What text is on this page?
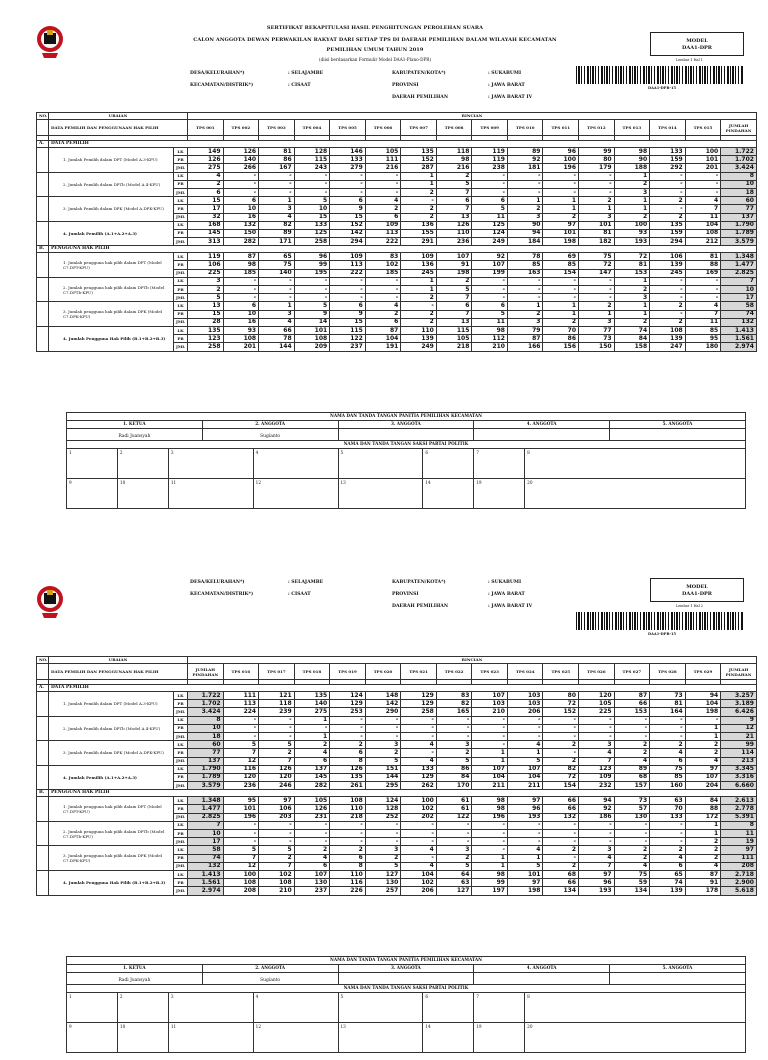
SERTIFIKAT REKAPITULASI HASIL PENGHITUNGAN PEROLEHAN SUARA
CALON ANGGOTA DEWAN PERWAKILAN RAKYAT DARI SETIAP TPS DI DAERAH PEMILIHAN DALAM WILAYAH KECAMATAN
PEMILIHAN UMUM TAHUN 2019
(diisi berdasarkan Formulir Model DAA1-Plano-DPR)
MODEL
DAA1-DPR
Lembar 1 Hal 1
DAA1-DPR-15
DESA/KELURAHAN*)	: SELAJAMBE
KECAMATAN/DISTRIK*)	: CISAAT
KABUPATEN/KOTA*)	: SUKABUMI
PROVINSI	: JAWA BARAT
DAERAH PEMILIHAN	: JAWA BARAT IV
NO.	URAIAN		RINCIAN															
	DATA PEMILIH DAN PENGGUNAAN HAK PILIH		TPS 001	TPS 002	TPS 003	TPS 004	TPS 005	TPS 006	TPS 007	TPS 008	TPS 009	TPS 010	TPS 011	TPS 012	TPS 013	TPS 014	TPS 015	JUMLAH PINDAHAN

A.	DATA PEMILIH																	
	1. Jumlah Pemilih dalam DPT (Model A.3-KPU)	LK	149	126	81	128	146	105	135	118	119	89	96	99	98	133	100	1.722
		PR	126	140	86	115	133	111	152	98	119	92	100	80	90	159	101	1.702
		JML	275	266	167	243	279	216	287	216	238	181	196	179	188	292	201	3.424
	2. Jumlah Pemilih dalam DPTb (Model A.4-KPU)	LK	4	-	-	-	-	-	1	2	-	-	-	-	1	-	-	8
		PR	2	-	-	-	-	-	1	5	-	-	-	-	2	-	-	10
		JML	6	-	-	-	-	-	2	7	-	-	-	-	3	-	-	18
	3. Jumlah Pemilih dalam DPK (Model A.DPK-KPU)	LK	15	6	1	5	6	4	-	6	6	1	1	2	1	2	4	60
		PR	17	10	3	10	9	2	2	7	5	2	1	1	1	-	7	77
		JML	32	16	4	15	15	6	2	13	11	3	2	3	2	2	11	137
	4. Jumlah Pemilih (A.1+A.2+A.3)	LK	168	132	82	133	152	109	136	126	125	90	97	101	100	135	104	1.790
		PR	145	150	89	125	142	113	155	110	124	94	101	81	93	159	108	1.789
		JML	313	282	171	258	294	222	291	236	249	184	198	182	193	294	212	3.579
B.	PENGGUNA HAK PILIH																	
	1. Jumlah pengguna hak pilih dalam DPT (Model C7.DPT-KPU)	LK	119	87	65	96	109	83	109	107	92	78	69	75	72	106	81	1.348
		PR	106	98	75	99	113	102	136	91	107	85	85	72	81	139	88	1.477
		JML	225	185	140	195	222	185	245	198	199	163	154	147	153	245	169	2.825
	2. Jumlah pengguna hak pilih dalam DPTb (Model C7.DPTb-KPU)	LK	3	-	-	-	-	-	1	2	-	-	-	-	1	-	-	7
		PR	2	-	-	-	-	-	1	5	-	-	-	-	2	-	-	10
		JML	5	-	-	-	-	-	2	7	-	-	-	-	3	-	-	17
	3. Jumlah pengguna hak pilih dalam DPK (Model C7.DPK-KPU)	LK	13	6	1	5	6	4	-	6	6	1	1	2	1	2	4	58
		PR	15	10	3	9	9	2	2	7	5	2	1	1	1	-	7	74
		JML	28	16	4	14	15	6	2	13	11	3	2	3	2	2	11	132
	4. Jumlah Pengguna Hak Pilih (B.1+B.2+B.3)	LK	135	93	66	101	115	87	110	115	98	79	70	77	74	108	85	1.413
		PR	123	108	78	108	122	104	139	105	112	87	86	73	84	139	95	1.561
		JML	258	201	144	209	237	191	249	218	210	166	156	150	158	247	180	2.974

NAMA DAN TANDA TANGAN PANITIA PEMILIHAN KECAMATAN																																							
1. KETUA								2. ANGGOTA								3. ANGGOTA								4. ANGGOTA								5. ANGGOTA							
Radi Juansyah								Sugianto																															
NAMA DAN TANDA TANGAN SAKSI PARTAI POLITIK																																							
1			2			3					4					5					6			7			8												
9			10			11					12					13					14			19			20												
MODEL
DAA1-DPR
Lembar 1 Hal 2
DAA1-DPR-15
DESA/KELURAHAN*)	: SELAJAMBE
KECAMATAN/DISTRIK*)	: CISAAT
KABUPATEN/KOTA*)	: SUKABUMI
PROVINSI	: JAWA BARAT
DAERAH PEMILIHAN	: JAWA BARAT IV
NO.	URAIAN		RINCIAN															
	DATA PEMILIH DAN PENGGUNAAN HAK PILIH		JUMLAH PINDAHAN	TPS 016	TPS 017	TPS 018	TPS 019	TPS 020	TPS 021	TPS 022	TPS 023	TPS 024	TPS 025	TPS 026	TPS 027	TPS 028	TPS 029	JUMLAH PINDAHAN

A.	DATA PEMILIH																	
	1. Jumlah Pemilih dalam DPT (Model A.3-KPU)	LK	1.722	111	121	135	124	148	129	83	107	103	80	120	87	73	94	3.257
		PR	1.702	113	118	140	129	142	129	82	103	103	72	105	66	81	104	3.189
		JML	3.424	224	239	275	253	290	258	165	210	206	152	225	153	164	198	6.426
	2. Jumlah Pemilih dalam DPTb (Model A.4-KPU)	LK	8	-	-	1	-	-	-	-	-	-	-	-	-	-	-	9
		PR	10	-	-	-	-	-	-	-	-	-	-	-	-	-	1	12
		JML	18	-	-	1	-	-	-	-	-	-	-	-	-	-	1	21
	3. Jumlah Pemilih dalam DPK (Model A.DPK-KPU)	LK	60	5	5	2	2	3	4	3	-	4	2	3	2	2	2	99
		PR	77	7	2	4	6	2	-	2	1	1	-	4	2	4	2	114
		JML	137	12	7	6	8	5	4	5	1	5	2	7	4	6	4	213
	4. Jumlah Pemilih (A.1+A.2+A.3)	LK	1.790	116	126	137	126	151	133	86	107	107	82	123	89	75	97	3.345
		PR	1.789	120	120	145	135	144	129	84	104	104	72	109	68	85	107	3.316
		JML	3.579	236	246	282	261	295	262	170	211	211	154	232	157	160	204	6.660
B.	PENGGUNA HAK PILIH																	
	1. Jumlah pengguna hak pilih dalam DPT (Model C7.DPT-KPU)	LK	1.348	95	97	105	108	124	100	61	98	97	66	94	73	63	84	2.613
		PR	1.477	101	106	126	110	128	102	61	98	96	66	92	57	70	88	2.778
		JML	2.825	196	203	231	218	252	202	122	196	193	132	186	130	133	172	5.391
	2. Jumlah pengguna hak pilih dalam DPTb (Model C7.DPTb-KPU)	LK	7	-	-	-	-	-	-	-	-	-	-	-	-	-	1	8
		PR	10	-	-	-	-	-	-	-	-	-	-	-	-	-	1	11
		JML	17	-	-	-	-	-	-	-	-	-	-	-	-	-	2	19
	3. Jumlah pengguna hak pilih dalam DPK (Model C7.DPK-KPU)	LK	58	5	5	2	2	3	4	3	-	4	2	3	2	2	2	97
		PR	74	7	2	4	6	2	-	2	1	1	-	4	2	4	2	111
		JML	132	12	7	6	8	5	4	5	1	5	2	7	4	6	4	208
	4. Jumlah Pengguna Hak Pilih (B.1+B.2+B.3)	LK	1.413	100	102	107	110	127	104	64	98	101	68	97	75	65	87	2.718
		PR	1.561	108	108	130	116	130	102	63	99	97	66	96	59	74	91	2.900
		JML	2.974	208	210	237	226	257	206	127	197	198	134	193	134	139	178	5.618

NAMA DAN TANDA TANGAN PANITIA PEMILIHAN KECAMATAN																																							
1. KETUA								2. ANGGOTA								3. ANGGOTA								4. ANGGOTA								5. ANGGOTA							
Radi Juansyah								Sugianto																															
NAMA DAN TANDA TANGAN SAKSI PARTAI POLITIK																																							
1			2			3					4					5					6			7			8												
9			10			11					12					13					14			19			20												
